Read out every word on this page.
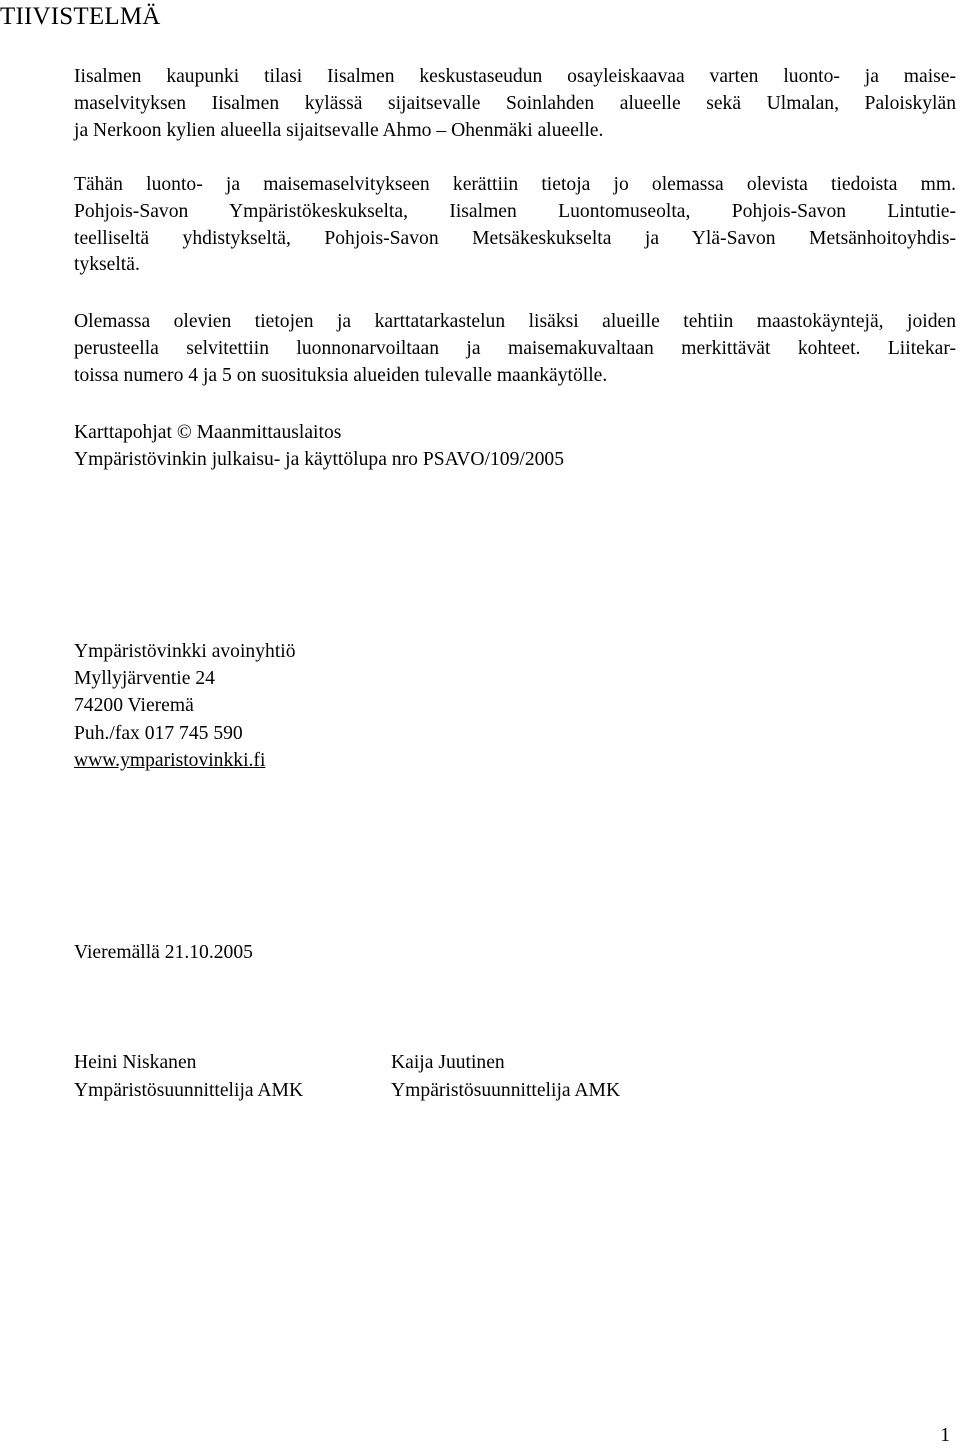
TIIVISTELMÄ
Iisalmen kaupunki tilasi Iisalmen keskustaseudun osayleiskaavaa varten luonto- ja maise-
maselvityksen Iisalmen kylässä sijaitsevalle Soinlahden alueelle sekä Ulmalan, Paloiskylän
ja Nerkoon kylien alueella sijaitsevalle Ahmo – Ohenmäki alueelle.
Tähän luonto- ja maisemaselvitykseen kerättiin tietoja jo olemassa olevista tiedoista mm.
Pohjois-Savon Ympäristökeskukselta, Iisalmen Luontomuseolta, Pohjois-Savon Lintutie-
teelliseltä yhdistykseltä, Pohjois-Savon Metsäkeskukselta ja Ylä-Savon Metsänhoitoyhdis-
tykseltä.
Olemassa olevien tietojen ja karttatarkastelun lisäksi alueille tehtiin maastokäyntejä, joiden
perusteella selvitettiin luonnonarvoiltaan ja maisemakuvaltaan merkittävät kohteet. Liitekar-
toissa numero 4 ja 5 on suosituksia alueiden tulevalle maankäytölle.
Karttapohjat © Maanmittauslaitos
Ympäristövinkin julkaisu- ja käyttölupa nro PSAVO/109/2005
Ympäristövinkki avoinyhtiö
Myllyjärventie 24
74200 Vieremä
Puh./fax 017 745 590
www.ymparistovinkki.fi
Vieremällä 21.10.2005
Heini Niskanen
Ympäristösuunnittelija AMK
Kaija Juutinen
Ympäristösuunnittelija AMK
1
